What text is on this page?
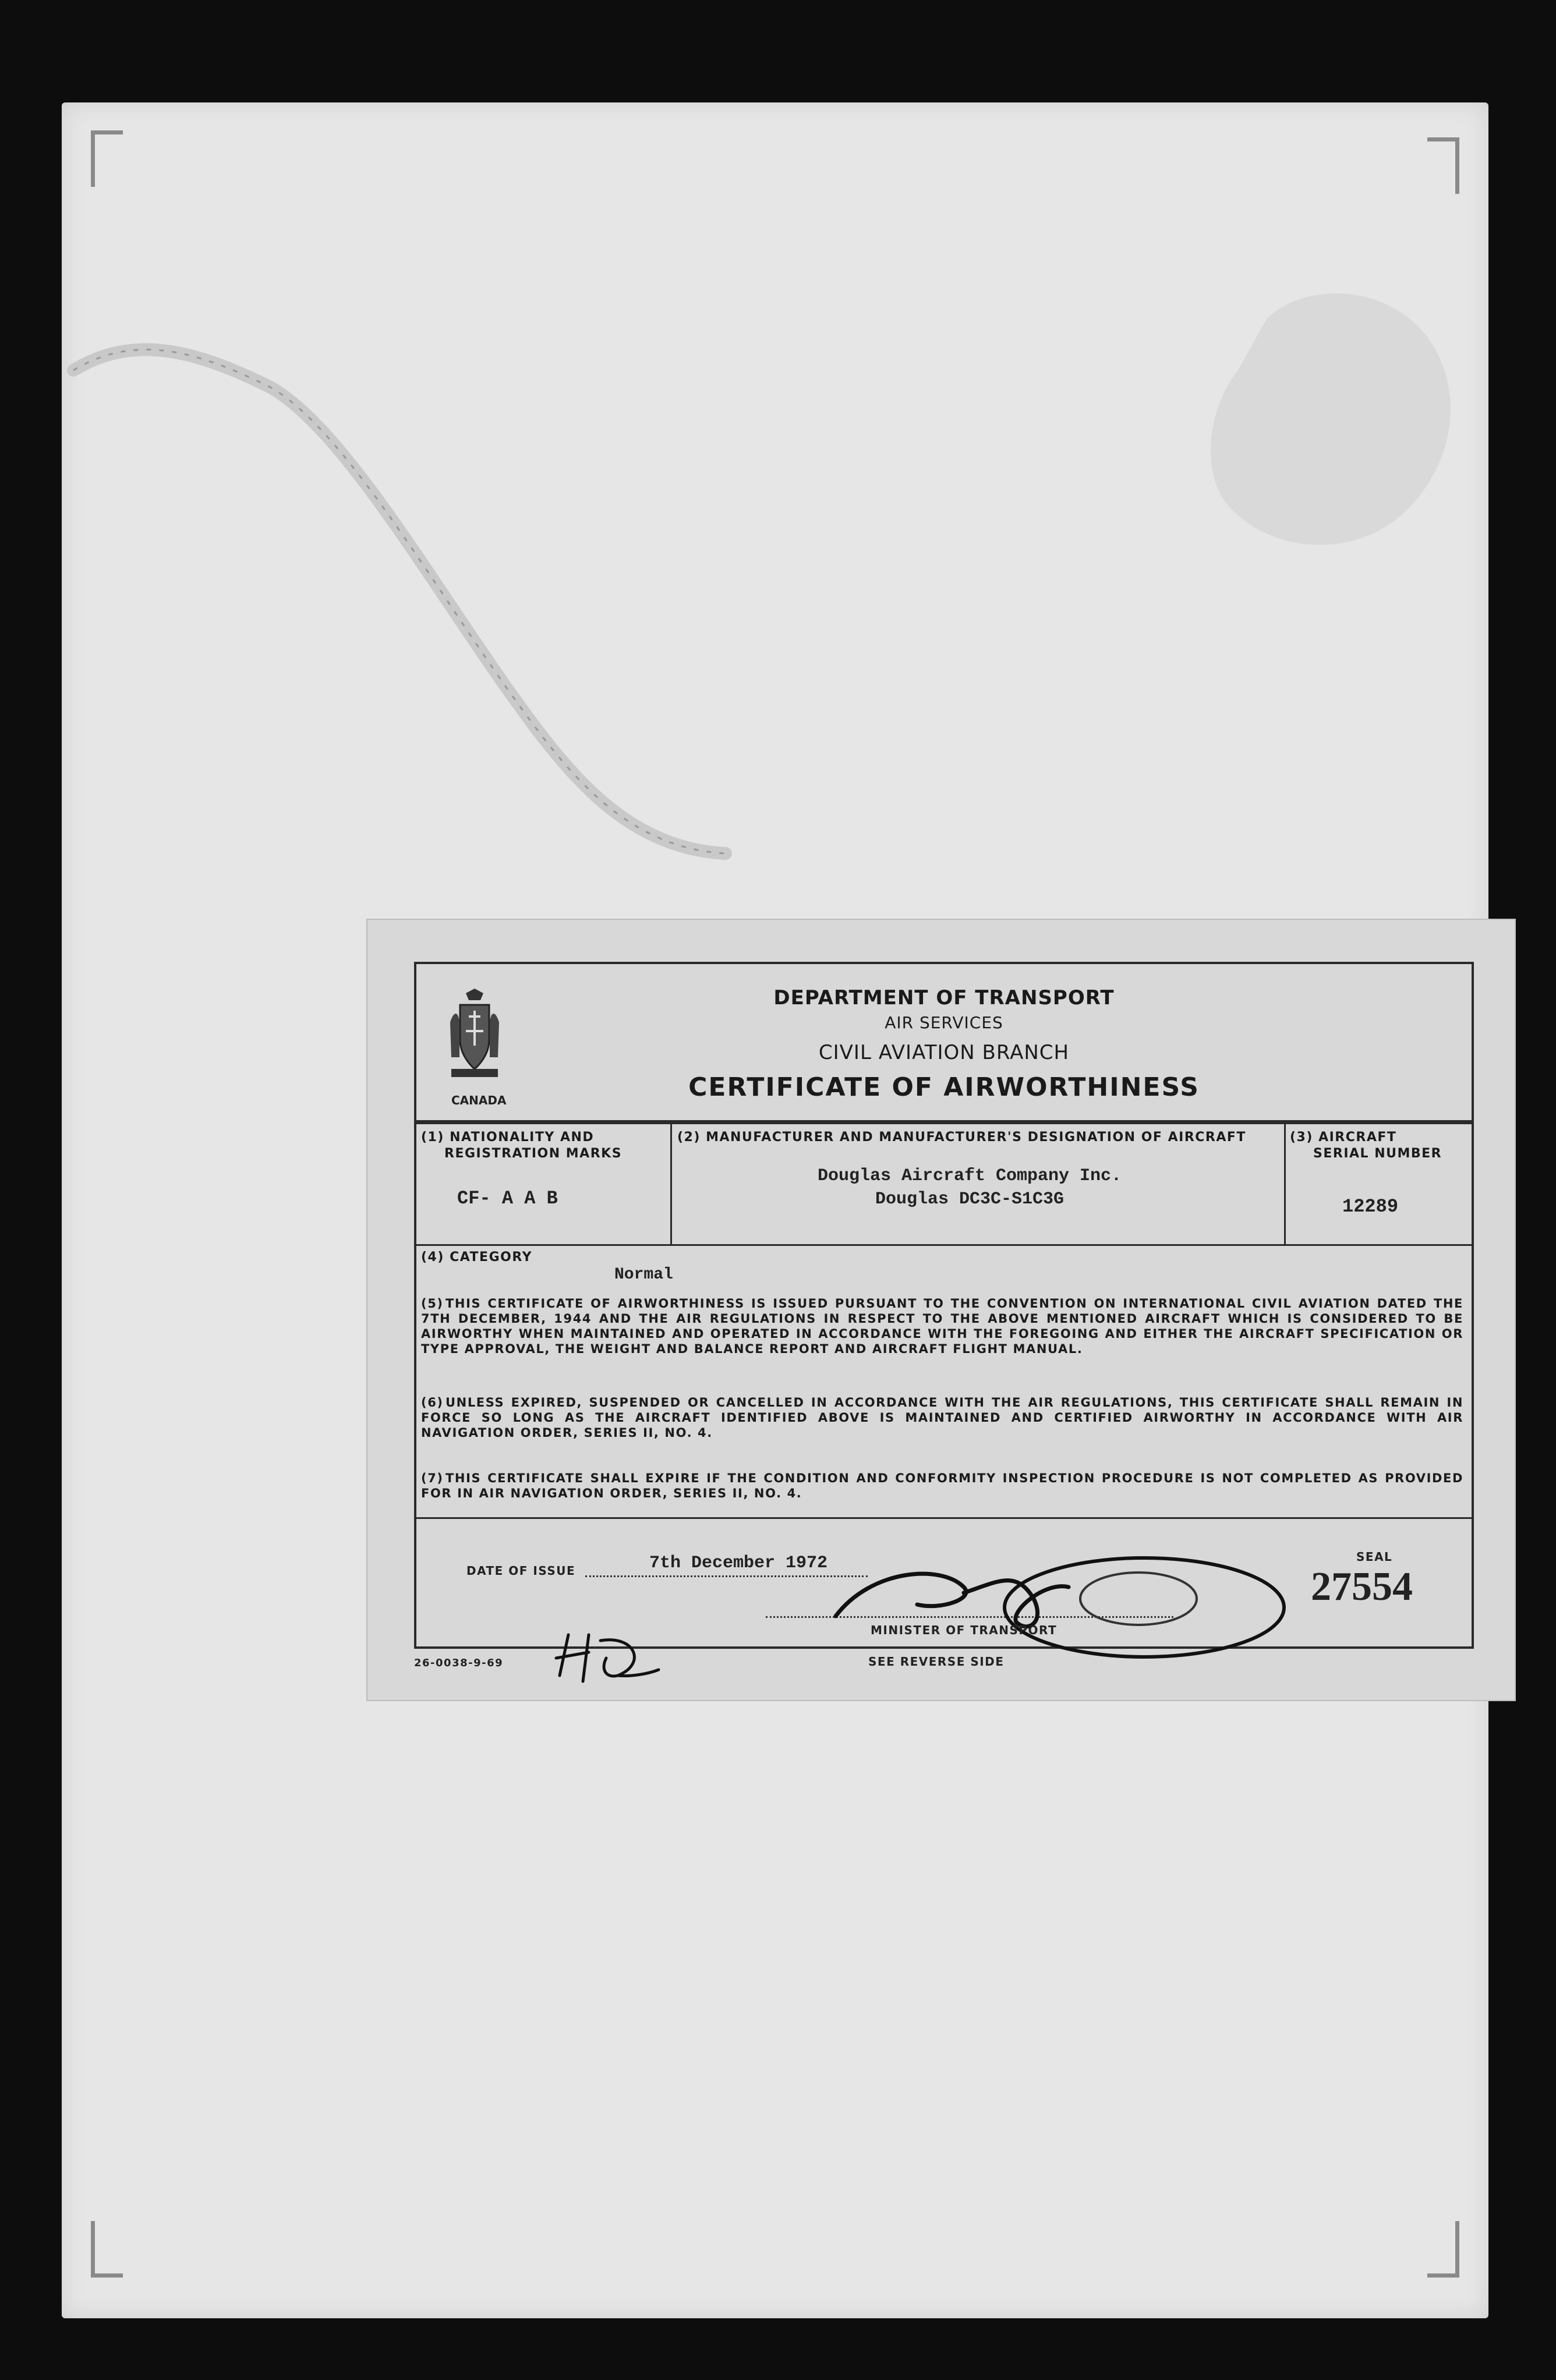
CANADA
DEPARTMENT OF TRANSPORT
AIR SERVICES
CIVIL AVIATION BRANCH
CERTIFICATE OF AIRWORTHINESS
(1) NATIONALITY AND
REGISTRATION MARKS
CF- A A B
(2) MANUFACTURER AND MANUFACTURER'S DESIGNATION OF AIRCRAFT
Douglas Aircraft Company Inc.
Douglas DC3C-S1C3G
(3) AIRCRAFT
SERIAL NUMBER
12289
(4) CATEGORY
Normal
(5) THIS CERTIFICATE OF AIRWORTHINESS IS ISSUED PURSUANT TO THE CONVENTION ON INTERNATIONAL CIVIL AVIATION DATED THE 7TH DECEMBER, 1944 AND THE AIR REGULATIONS IN RESPECT TO THE ABOVE MENTIONED AIRCRAFT WHICH IS CONSIDERED TO BE AIRWORTHY WHEN MAINTAINED AND OPERATED IN ACCORDANCE WITH THE FOREGOING AND EITHER THE AIRCRAFT SPECIFICATION OR TYPE APPROVAL, THE WEIGHT AND BALANCE REPORT AND AIRCRAFT FLIGHT MANUAL.
(6) UNLESS EXPIRED, SUSPENDED OR CANCELLED IN ACCORDANCE WITH THE AIR REGULATIONS, THIS CERTIFICATE SHALL REMAIN IN FORCE SO LONG AS THE AIRCRAFT IDENTIFIED ABOVE IS MAINTAINED AND CERTIFIED AIRWORTHY IN ACCORDANCE WITH AIR NAVIGATION ORDER, SERIES II, NO. 4.
(7) THIS CERTIFICATE SHALL EXPIRE IF THE CONDITION AND CONFORMITY INSPECTION PROCEDURE IS NOT COMPLETED AS PROVIDED FOR IN AIR NAVIGATION ORDER, SERIES II, NO. 4.
DATE OF ISSUE	7th December 1972	SEAL
27554
MINISTER OF TRANSPORT
26-0038-9-69	SEE REVERSE SIDE
